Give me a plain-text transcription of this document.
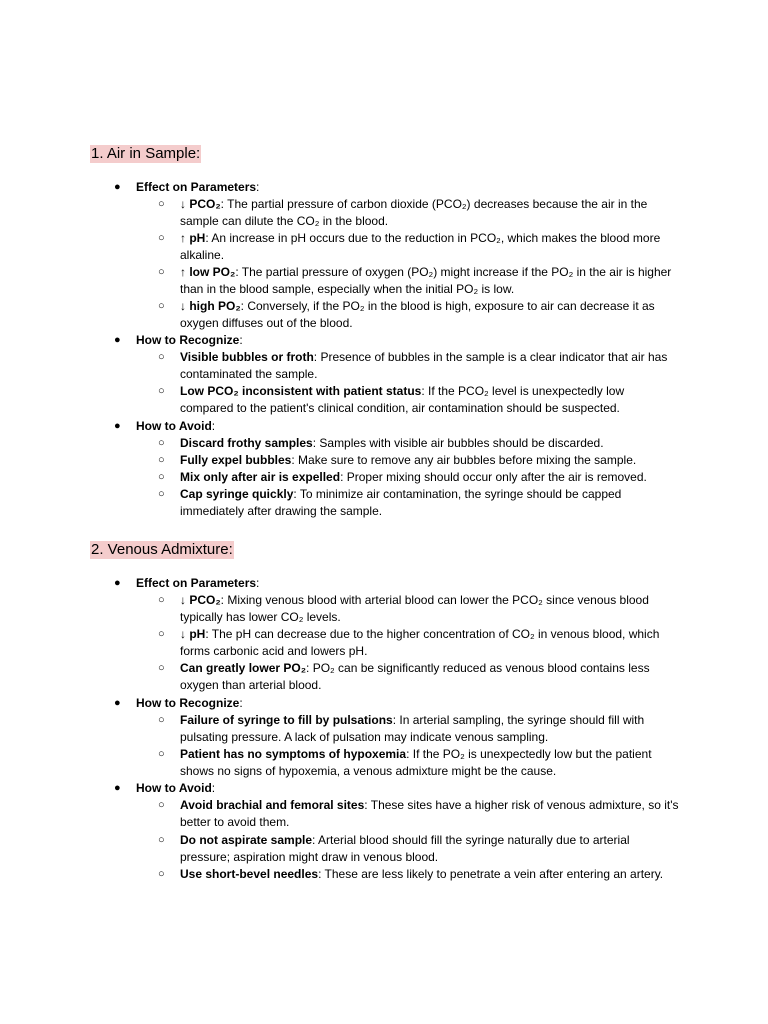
1. Air in Sample:
● Effect on Parameters:
○ ↓ PCO₂: The partial pressure of carbon dioxide (PCO₂) decreases because the air in the sample can dilute the CO₂ in the blood.
○ ↑ pH: An increase in pH occurs due to the reduction in PCO₂, which makes the blood more alkaline.
○ ↑ low PO₂: The partial pressure of oxygen (PO₂) might increase if the PO₂ in the air is higher than in the blood sample, especially when the initial PO₂ is low.
○ ↓ high PO₂: Conversely, if the PO₂ in the blood is high, exposure to air can decrease it as oxygen diffuses out of the blood.
● How to Recognize:
○ Visible bubbles or froth: Presence of bubbles in the sample is a clear indicator that air has contaminated the sample.
○ Low PCO₂ inconsistent with patient status: If the PCO₂ level is unexpectedly low compared to the patient's clinical condition, air contamination should be suspected.
● How to Avoid:
○ Discard frothy samples: Samples with visible air bubbles should be discarded.
○ Fully expel bubbles: Make sure to remove any air bubbles before mixing the sample.
○ Mix only after air is expelled: Proper mixing should occur only after the air is removed.
○ Cap syringe quickly: To minimize air contamination, the syringe should be capped immediately after drawing the sample.
2. Venous Admixture:
● Effect on Parameters:
○ ↓ PCO₂: Mixing venous blood with arterial blood can lower the PCO₂ since venous blood typically has lower CO₂ levels.
○ ↓ pH: The pH can decrease due to the higher concentration of CO₂ in venous blood, which forms carbonic acid and lowers pH.
○ Can greatly lower PO₂: PO₂ can be significantly reduced as venous blood contains less oxygen than arterial blood.
● How to Recognize:
○ Failure of syringe to fill by pulsations: In arterial sampling, the syringe should fill with pulsating pressure. A lack of pulsation may indicate venous sampling.
○ Patient has no symptoms of hypoxemia: If the PO₂ is unexpectedly low but the patient shows no signs of hypoxemia, a venous admixture might be the cause.
● How to Avoid:
○ Avoid brachial and femoral sites: These sites have a higher risk of venous admixture, so it's better to avoid them.
○ Do not aspirate sample: Arterial blood should fill the syringe naturally due to arterial pressure; aspiration might draw in venous blood.
○ Use short-bevel needles: These are less likely to penetrate a vein after entering an artery.
